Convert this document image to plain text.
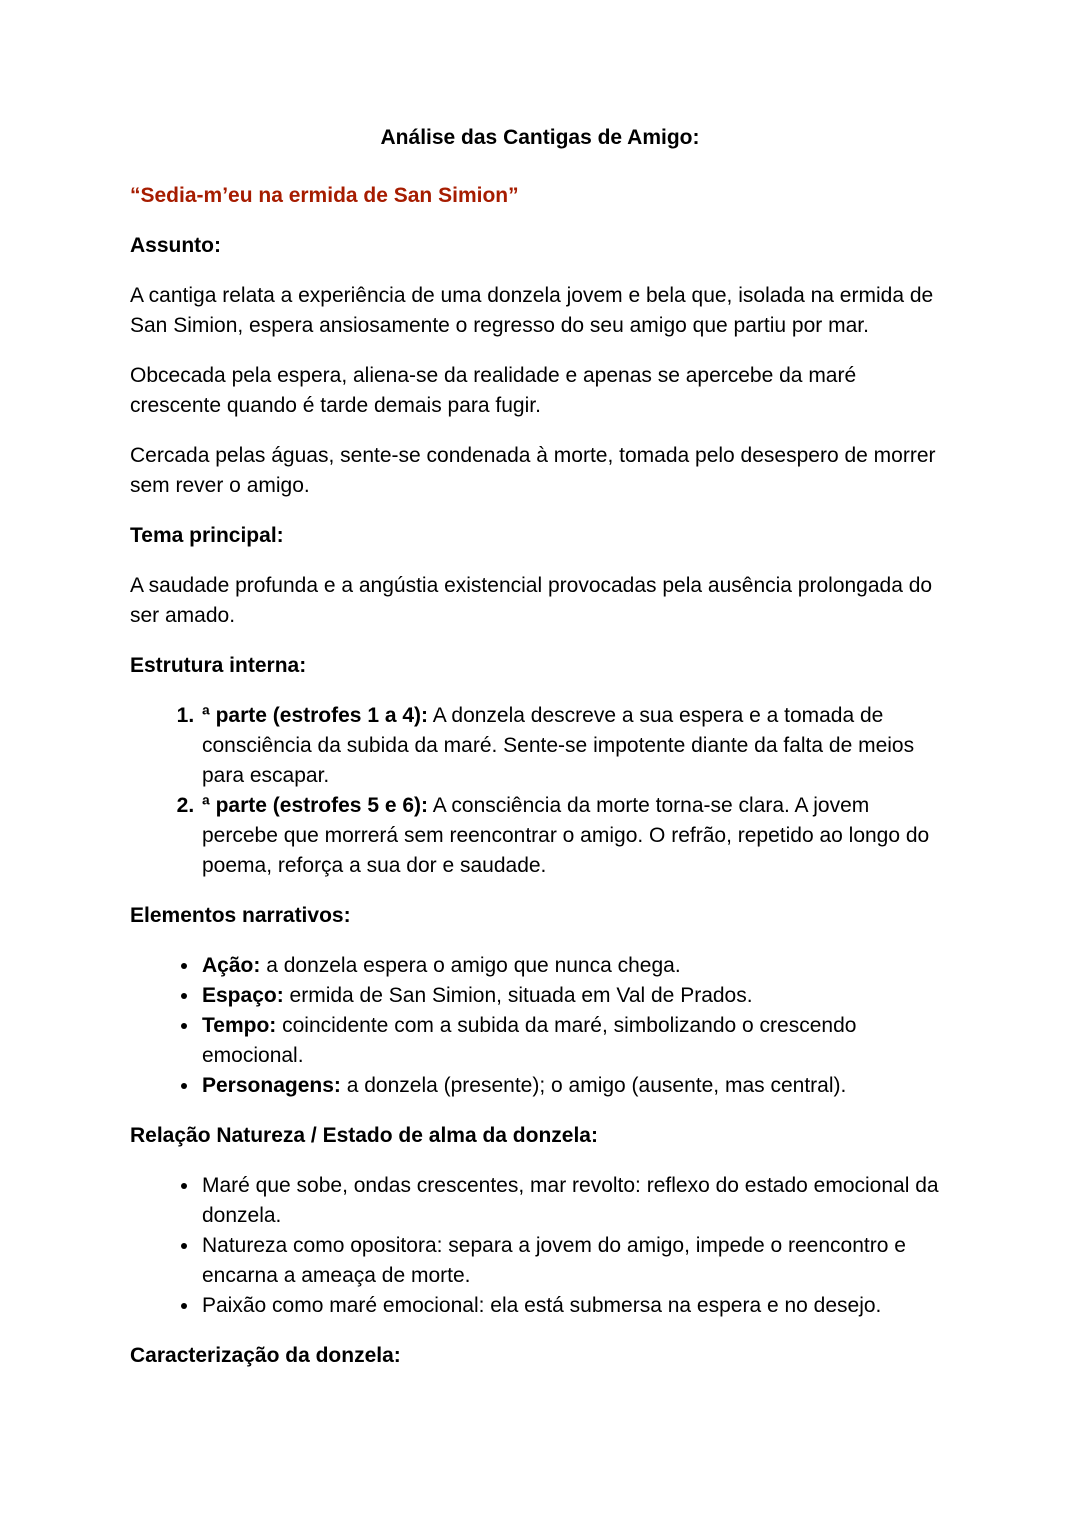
Análise das Cantigas de Amigo:

“Sedia-m’eu na ermida de San Simion”

Assunto:

A cantiga relata a experiência de uma donzela jovem e bela que, isolada na ermida de San Simion, espera ansiosamente o regresso do seu amigo que partiu por mar.

Obcecada pela espera, aliena-se da realidade e apenas se apercebe da maré crescente quando é tarde demais para fugir.

Cercada pelas águas, sente-se condenada à morte, tomada pelo desespero de morrer sem rever o amigo.

Tema principal:

A saudade profunda e a angústia existencial provocadas pela ausência prolongada do ser amado.

Estrutura interna:

1. ª parte (estrofes 1 a 4): A donzela descreve a sua espera e a tomada de consciência da subida da maré. Sente-se impotente diante da falta de meios para escapar.
2. ª parte (estrofes 5 e 6): A consciência da morte torna-se clara. A jovem percebe que morrerá sem reencontrar o amigo. O refrão, repetido ao longo do poema, reforça a sua dor e saudade.

Elementos narrativos:

• Ação: a donzela espera o amigo que nunca chega.
• Espaço: ermida de San Simion, situada em Val de Prados.
• Tempo: coincidente com a subida da maré, simbolizando o crescendo emocional.
• Personagens: a donzela (presente); o amigo (ausente, mas central).

Relação Natureza / Estado de alma da donzela:

• Maré que sobe, ondas crescentes, mar revolto: reflexo do estado emocional da donzela.
• Natureza como opositora: separa a jovem do amigo, impede o reencontro e encarna a ameaça de morte.
• Paixão como maré emocional: ela está submersa na espera e no desejo.

Caracterização da donzela:
